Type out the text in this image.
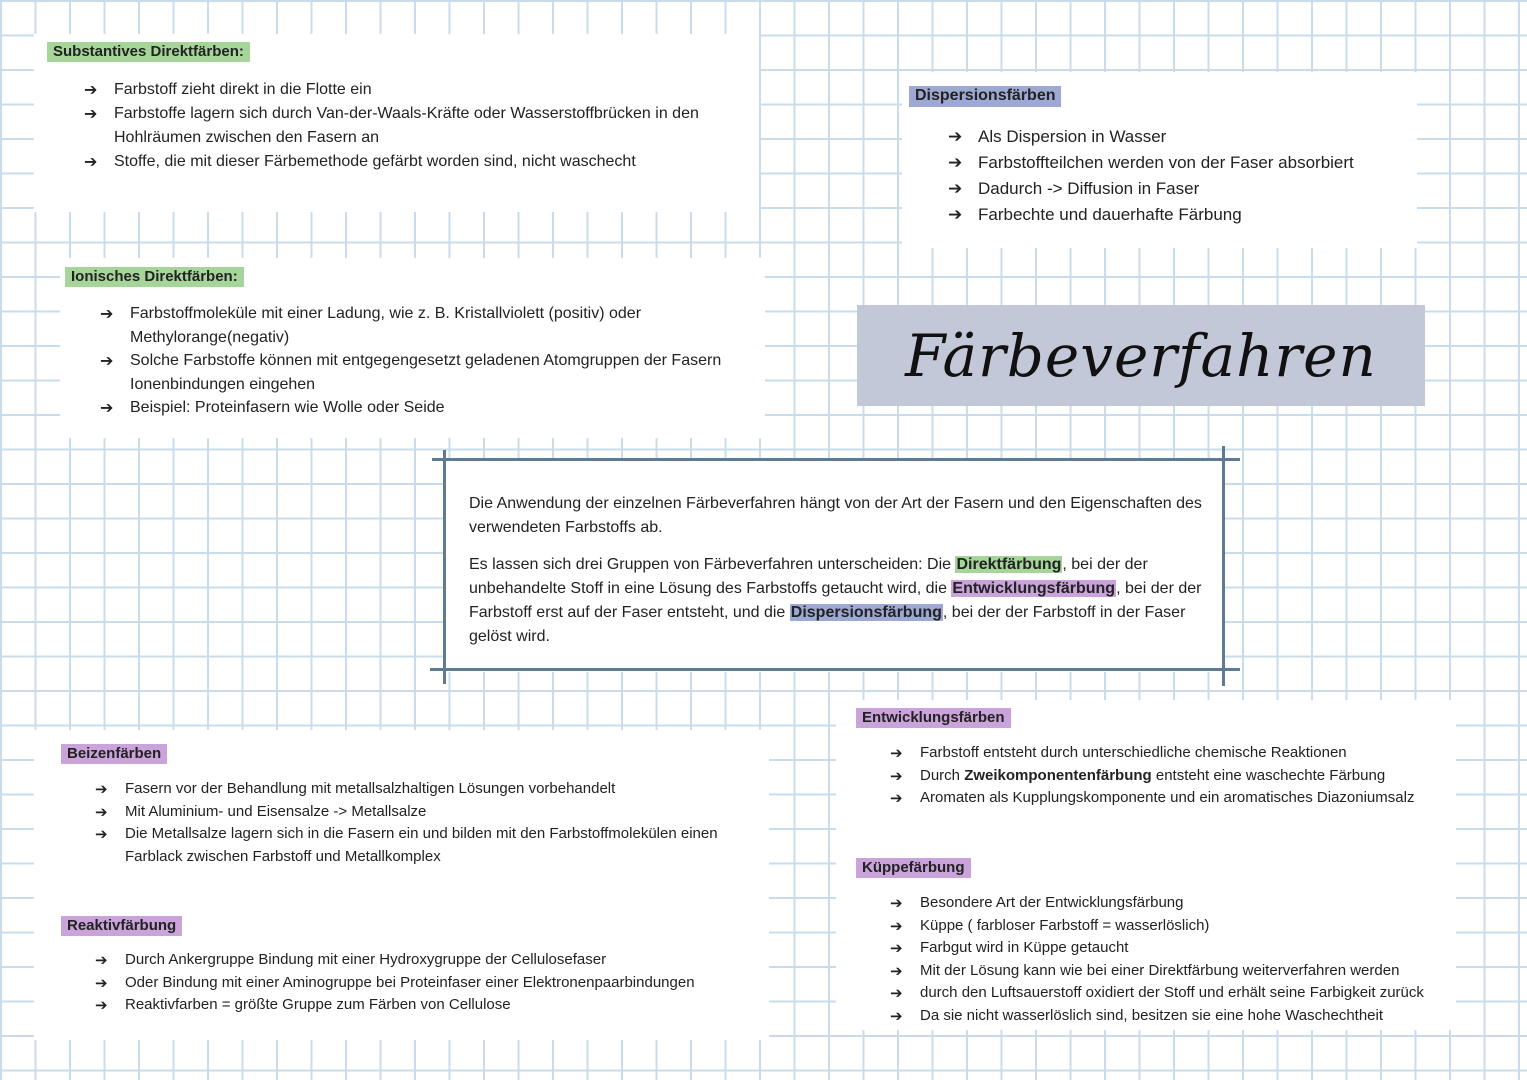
Substantives Direktfärben:
➔ Farbstoff zieht direkt in die Flotte ein
➔ Farbstoffe lagern sich durch Van-der-Waals-Kräfte oder Wasserstoffbrücken in den Hohlräumen zwischen den Fasern an
➔ Stoffe, die mit dieser Färbemethode gefärbt worden sind, nicht waschecht
Dispersionsfärben
➔ Als Dispersion in Wasser
➔ Farbstoffteilchen werden von der Faser absorbiert
➔ Dadurch -> Diffusion in Faser
➔ Farbechte und dauerhafte Färbung
Ionisches Direktfärben:
➔ Farbstoffmoleküle mit einer Ladung, wie z. B. Kristallviolett (positiv) oder Methylorange(negativ)
➔ Solche Farbstoffe können mit entgegengesetzt geladenen Atomgruppen der Fasern Ionenbindungen eingehen
➔ Beispiel: Proteinfasern wie Wolle oder Seide
Färbeverfahren
Die Anwendung der einzelnen Färbeverfahren hängt von der Art der Fasern und den Eigenschaften des verwendeten Farbstoffs ab.
Es lassen sich drei Gruppen von Färbeverfahren unterscheiden: Die Direktfärbung, bei der der unbehandelte Stoff in eine Lösung des Farbstoffs getaucht wird, die Entwicklungsfärbung, bei der der Farbstoff erst auf der Faser entsteht, und die Dispersionsfärbung, bei der der Farbstoff in der Faser gelöst wird.
Entwicklungsfärben
➔ Farbstoff entsteht durch unterschiedliche chemische Reaktionen
➔ Durch Zweikomponentenfärbung entsteht eine waschechte Färbung
➔ Aromaten als Kupplungskomponente und ein aromatisches Diazoniumsalz
Küppefärbung
➔ Besondere Art der Entwicklungsfärbung
➔ Küppe ( farbloser Farbstoff = wasserlöslich)
➔ Farbgut wird in Küppe getaucht
➔ Mit der Lösung kann wie bei einer Direktfärbung weiterverfahren werden
➔ durch den Luftsauerstoff oxidiert der Stoff und erhält seine Farbigkeit zurück
➔ Da sie nicht wasserlöslich sind, besitzen sie eine hohe Waschechtheit
Beizenfärben
➔ Fasern vor der Behandlung mit metallsalzhaltigen Lösungen vorbehandelt
➔ Mit Aluminium- und Eisensalze -> Metallsalze
➔ Die Metallsalze lagern sich in die Fasern ein und bilden mit den Farbstoffmolekülen einen Farblack zwischen Farbstoff und Metallkomplex
Reaktivfärbung
➔ Durch Ankergruppe Bindung mit einer Hydroxygruppe der Cellulosefaser
➔ Oder Bindung mit einer Aminogruppe bei Proteinfaser einer Elektronenpaarbindungen
➔ Reaktivfarben = größte Gruppe zum Färben von Cellulose
